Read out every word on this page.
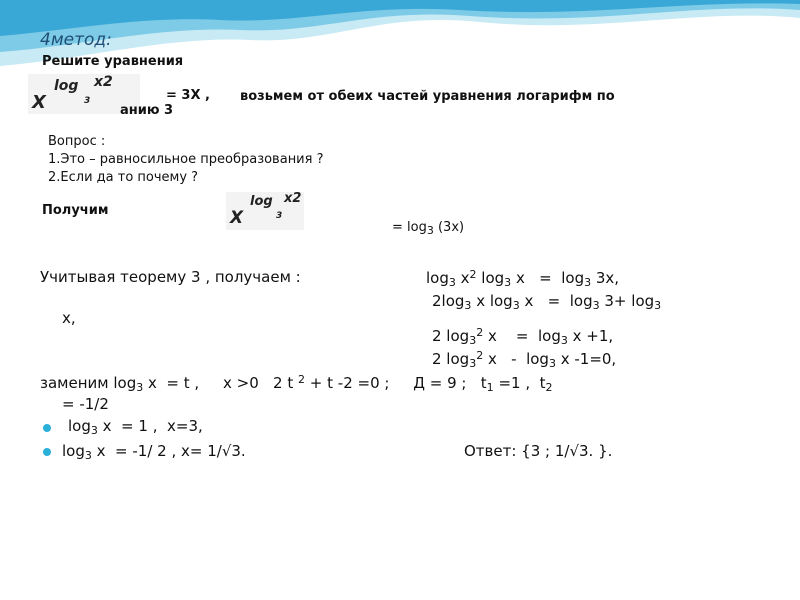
4метод:
Решите уравнения
X
log
3
x2
= 3X , возьмем от обеих частей уравнения логарифм по
анию 3
Вопрос :
1.Это – равносильное преобразования ?
2.Если да то почему ?
Получим	X
log
3
x2
= $\log_3 (3x)$
Учитывая теорему 3 , получаем :	$\log_3 x^2$ $\log_3 x = \log_3 3x$,
$2\log_3$ x $\log_3 x = \log_3 3+ \log_3$
x,
2 $\log_3^2 x$    =  $\log_3 x +1$,
2 $\log_3^2 x - \log_3 x$ -1=0,
заменим $\log_3 x = t$ ,     x >0   2 t $^2$ + t -2 =0 ;     Д = 9 ;   $t_1 =1$ ,  $t_2$
= -1/2
$\log_3 x = 1$ ,  x=3,
$\log_3 x = -1/$ 2 , x= 1/√3.	Ответ: {3 ; 1/√3. }.
